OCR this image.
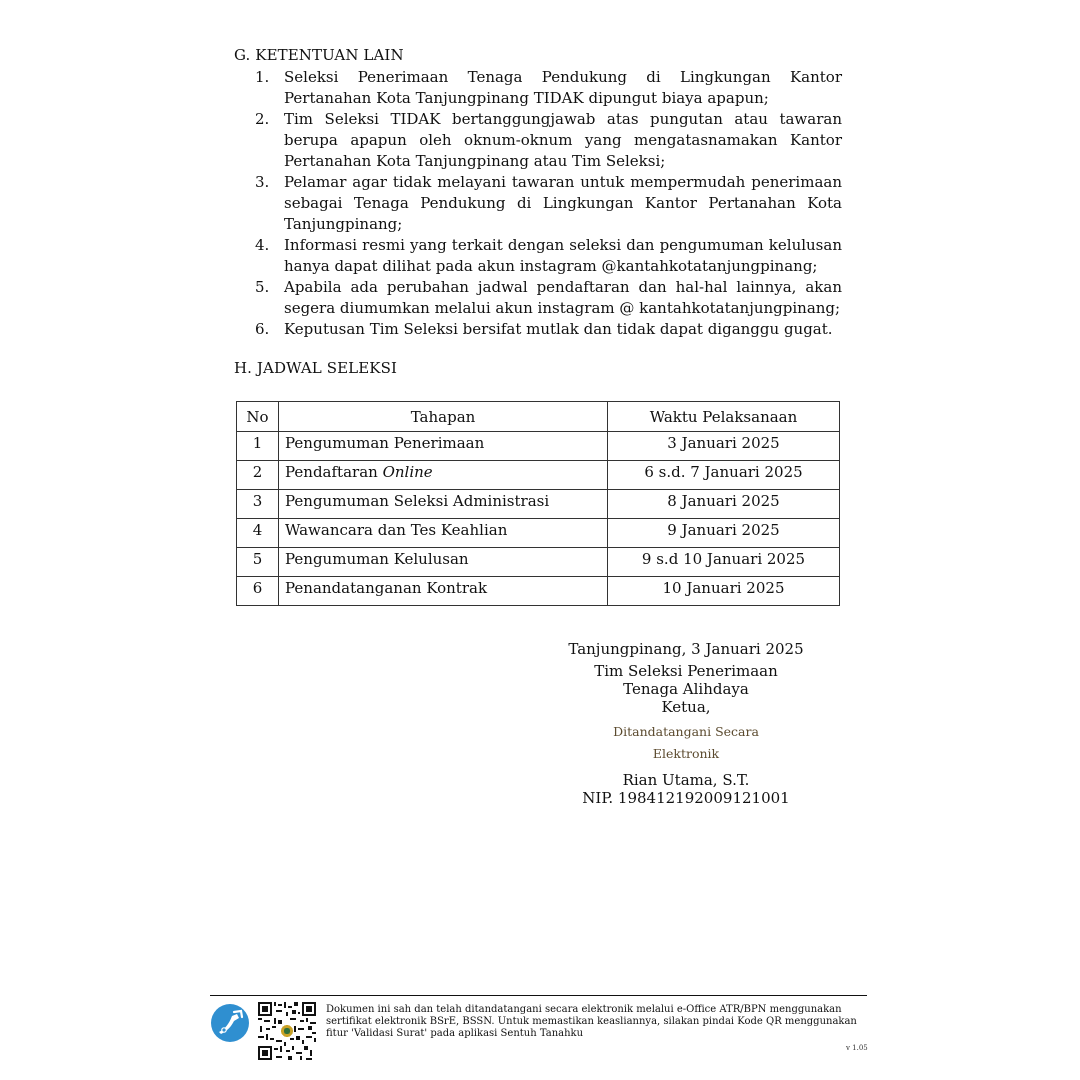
G. KETENTUAN LAIN
1. Seleksi Penerimaan Tenaga Pendukung di Lingkungan Kantor Pertanahan Kota Tanjungpinang TIDAK dipungut biaya apapun;
2. Tim Seleksi TIDAK bertanggungjawab atas pungutan atau tawaran berupa apapun oleh oknum-oknum yang mengatasnamakan Kantor Pertanahan Kota Tanjungpinang atau Tim Seleksi;
3. Pelamar agar tidak melayani tawaran untuk mempermudah penerimaan sebagai Tenaga Pendukung di Lingkungan Kantor Pertanahan Kota Tanjungpinang;
4. Informasi resmi yang terkait dengan seleksi dan pengumuman kelulusan hanya dapat dilihat pada akun instagram @kantahkotatanjungpinang;
5. Apabila ada perubahan jadwal pendaftaran dan hal-hal lainnya, akan segera diumumkan melalui akun instagram @ kantahkotatanjungpinang;
6. Keputusan Tim Seleksi bersifat mutlak dan tidak dapat diganggu gugat.
H. JADWAL SELEKSI
No	Tahapan	Waktu Pelaksanaan
1	Pengumuman Penerimaan	3 Januari 2025
2	Pendaftaran Online	6 s.d. 7 Januari 2025
3	Pengumuman Seleksi Administrasi	8 Januari 2025
4	Wawancara dan Tes Keahlian	9 Januari 2025
5	Pengumuman Kelulusan	9 s.d 10 Januari 2025
6	Penandatanganan Kontrak	10 Januari 2025
Tanjungpinang, 3 Januari 2025
Tim Seleksi Penerimaan
Tenaga Alihdaya
Ketua,
Ditandatangani Secara
Elektronik
Rian Utama, S.T.
NIP. 198412192009121001
Dokumen ini sah dan telah ditandatangani secara elektronik melalui e-Office ATR/BPN menggunakan sertifikat elektronik BSrE, BSSN. Untuk memastikan keasliannya, silakan pindai Kode QR menggunakan fitur 'Validasi Surat' pada aplikasi Sentuh Tanahku
v 1.05
